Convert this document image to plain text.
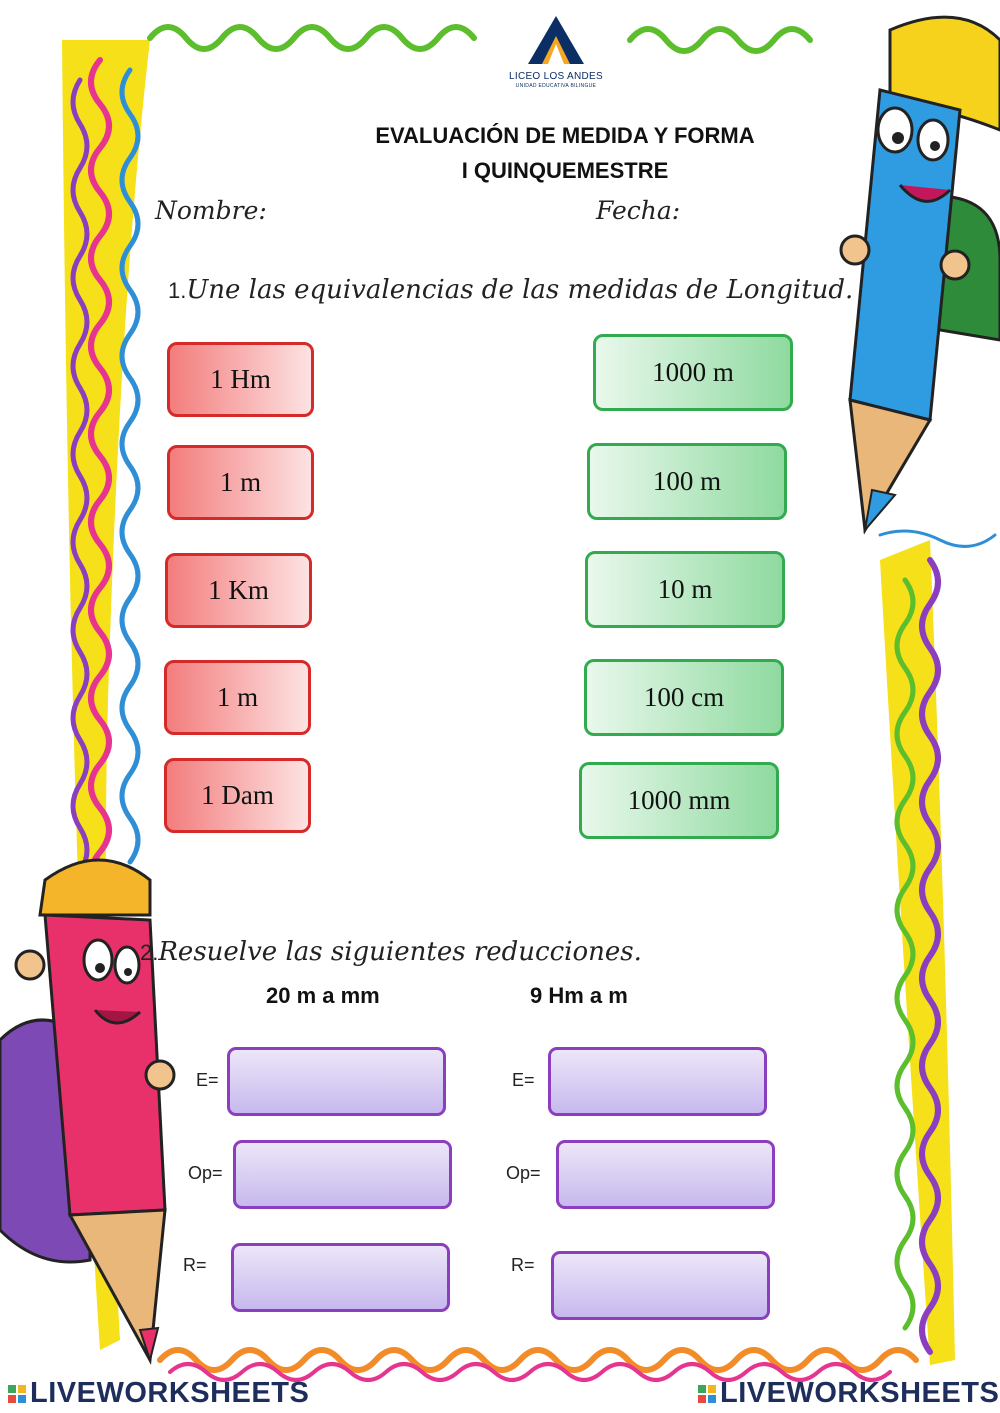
LICEO LOS ANDES
UNIDAD EDUCATIVA BILINGUE
EVALUACIÓN DE MEDIDA Y FORMA
I QUINQUEMESTRE
Nombre:	Fecha:
1.Une las equivalencias de las medidas de Longitud.
1 Hm
1 m
1 Km
1 m
1 Dam
1000 m
100 m
10 m
100 cm
1000 mm
2.Resuelve las siguientes reducciones.
20 m a mm	9 Hm a m
E=
Op=
R=
E=
Op=
R=
LIVEWORKSHEETS	LIVEWORKSHEETS
